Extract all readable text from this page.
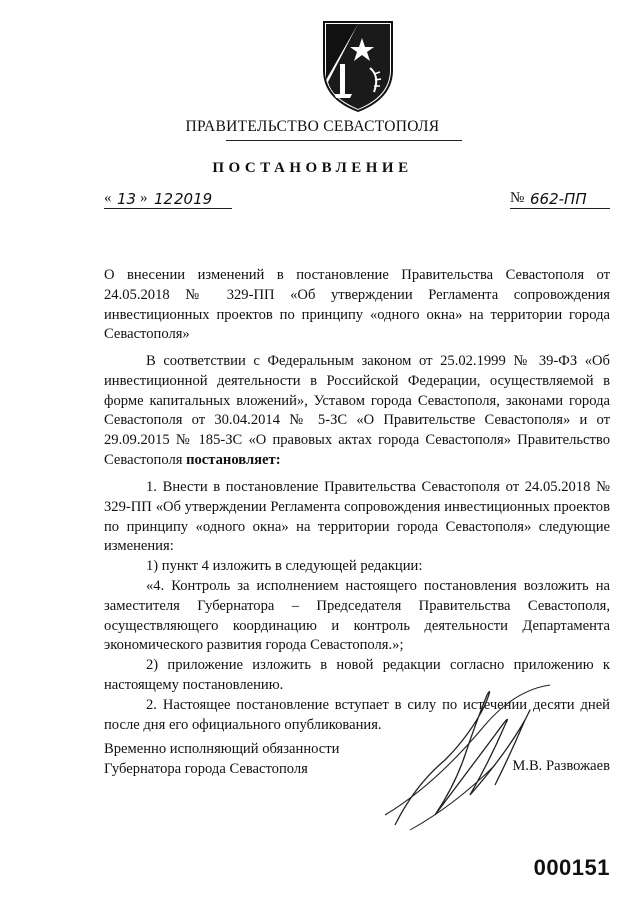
ПРАВИТЕЛЬСТВО СЕВАСТОПОЛЯ
ПОСТАНОВЛЕНИЕ
« 13 » 12 2019	№ 662-ПП

О внесении изменений в постановление Правительства Севастополя от 24.05.2018 № 329-ПП «Об утверждении Регламента сопровождения инвестиционных проектов по принципу «одного окна» на территории города Севастополя»

В соответствии с Федеральным законом от 25.02.1999 № 39-ФЗ «Об инвестиционной деятельности в Российской Федерации, осуществляемой в форме капитальных вложений», Уставом города Севастополя, законами города Севастополя от 30.04.2014 № 5-ЗС «О Правительстве Севастополя» и от 29.09.2015 № 185-ЗС «О правовых актах города Севастополя» Правительство Севастополя постановляет:

1. Внести в постановление Правительства Севастополя от 24.05.2018 № 329-ПП «Об утверждении Регламента сопровождения инвестиционных проектов по принципу «одного окна» на территории города Севастополя» следующие изменения:

1) пункт 4 изложить в следующей редакции:

«4. Контроль за исполнением настоящего постановления возложить на заместителя Губернатора – Председателя Правительства Севастополя, осуществляющего координацию и контроль деятельности Департамента экономического развития города Севастополя.»;

2) приложение изложить в новой редакции согласно приложению к настоящему постановлению.

2. Настоящее постановление вступает в силу по истечении десяти дней после дня его официального опубликования.

Временно исполняющий обязанности
Губернатора города Севастополя	М.В. Развожаев
000151
